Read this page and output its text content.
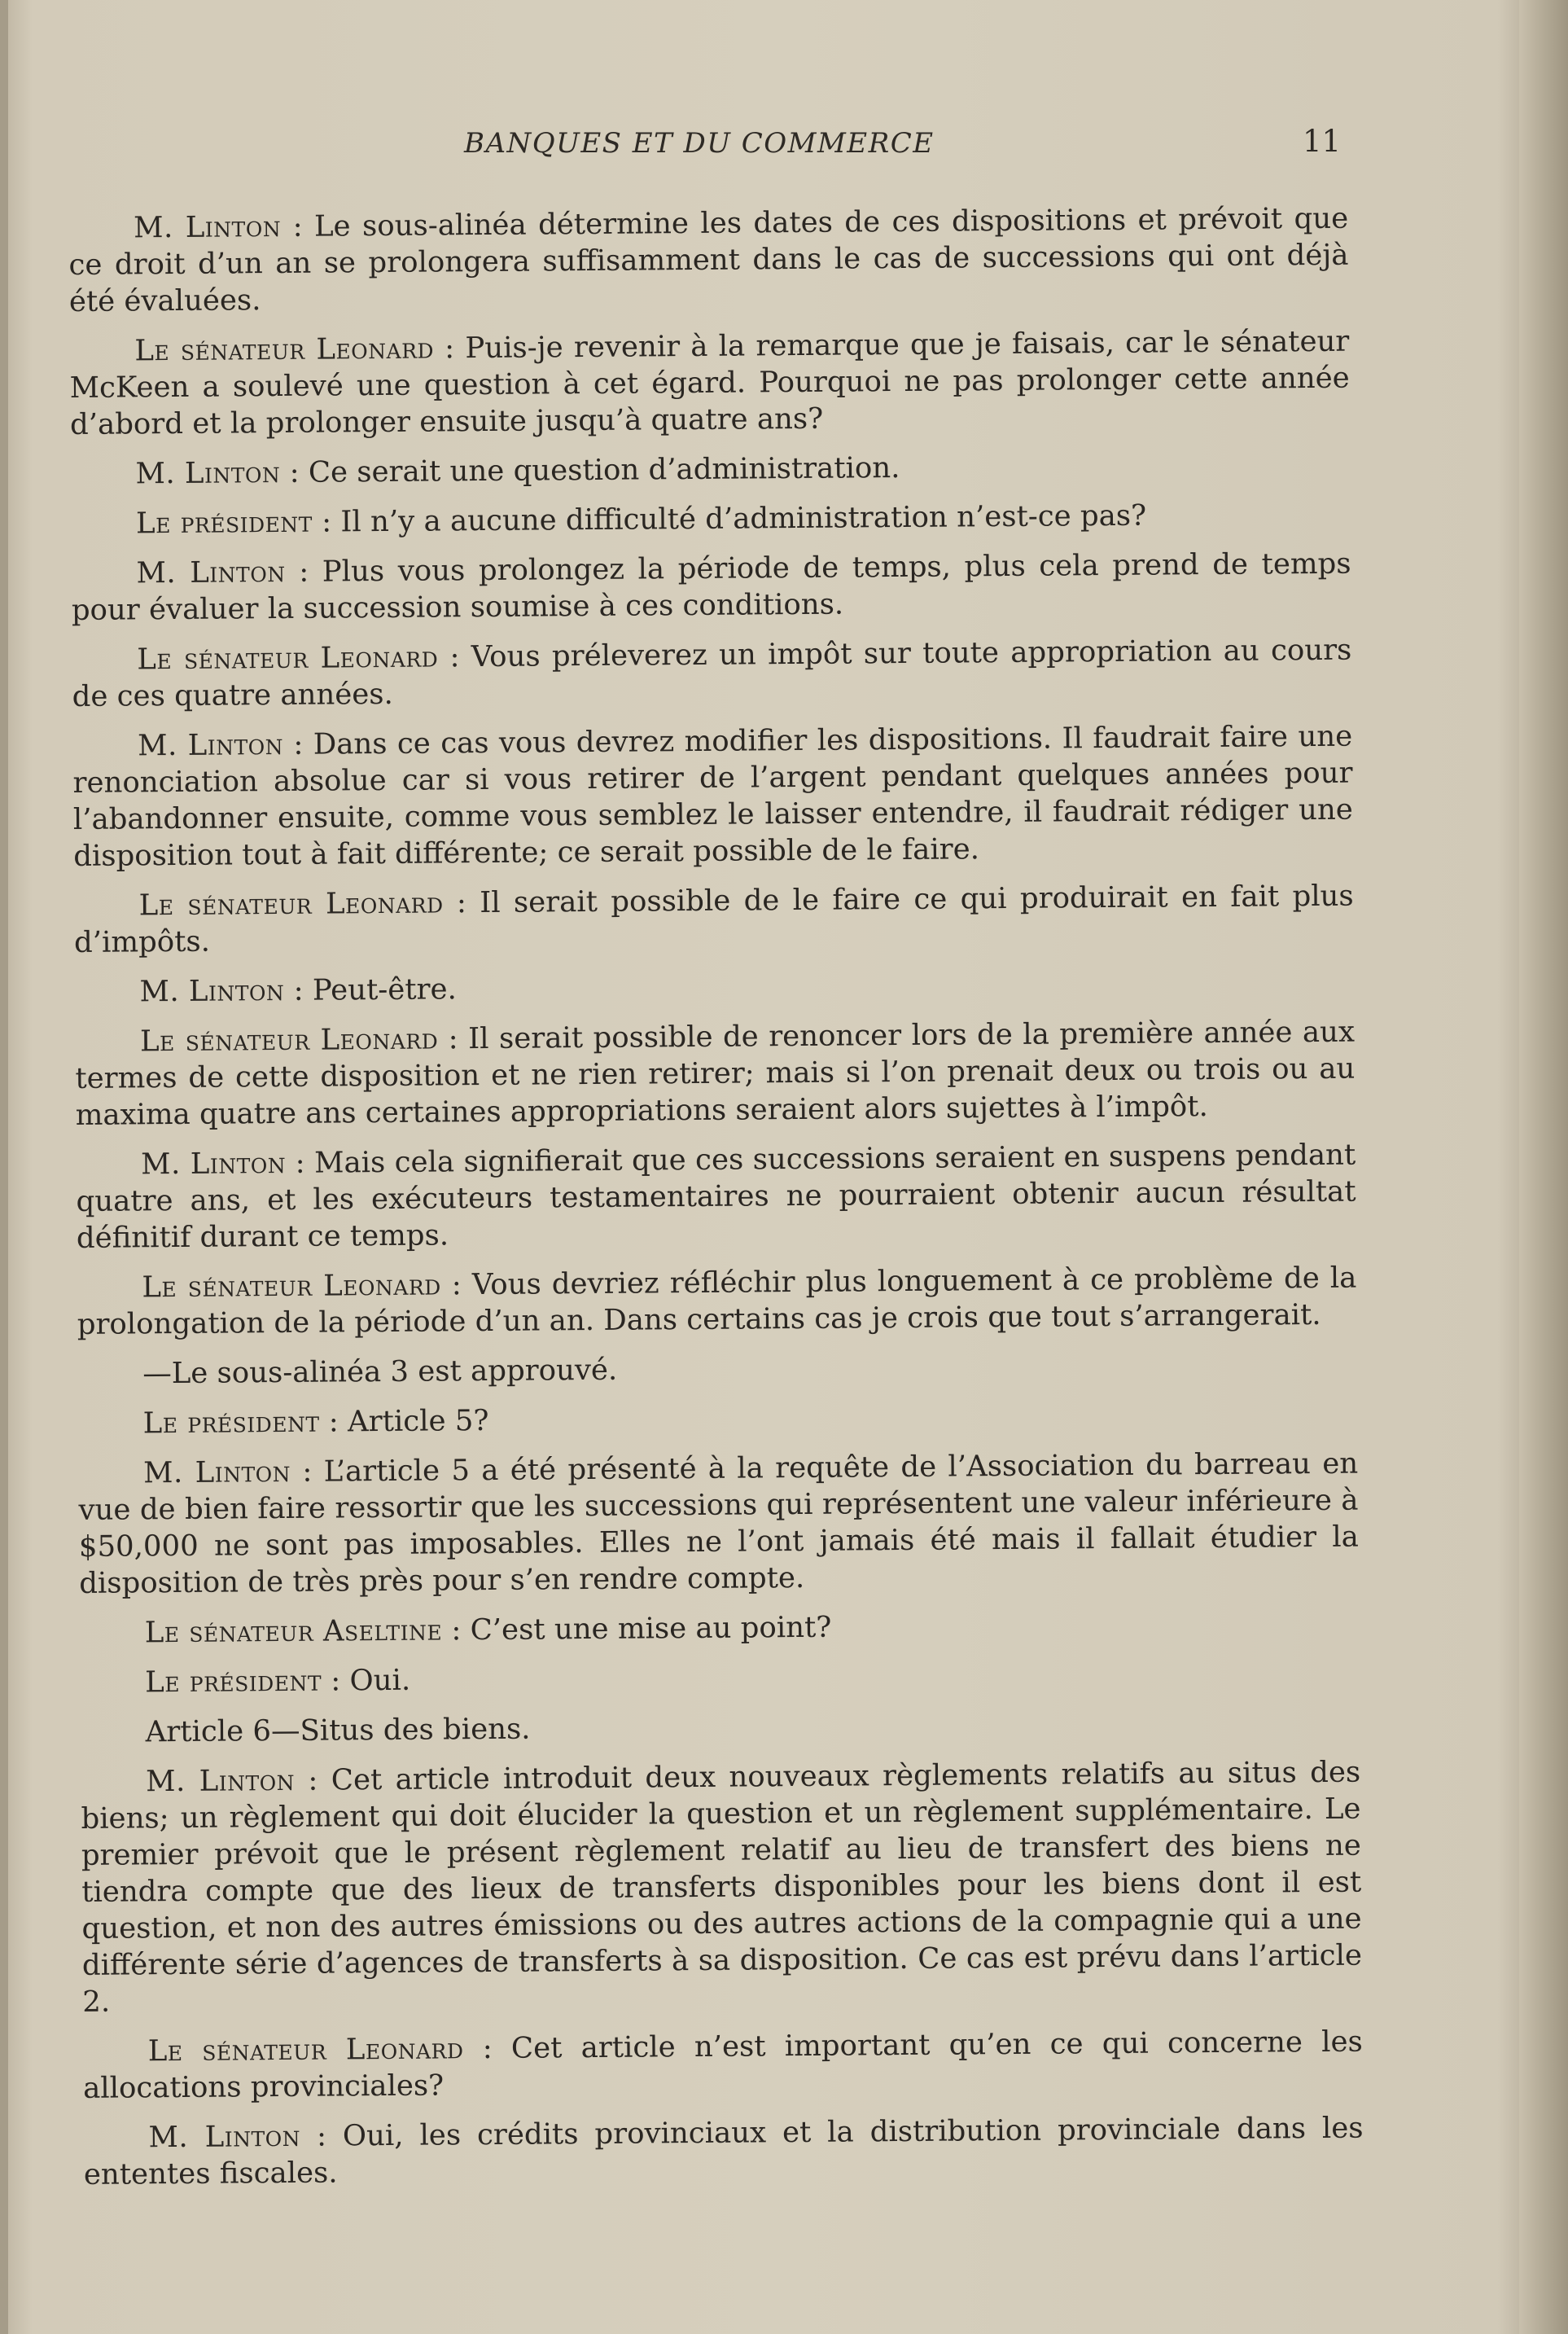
BANQUES ET DU COMMERCE	11

M. Linton : Le sous-alinéa détermine les dates de ces dispositions et prévoit que ce droit d’un an se prolongera suffisamment dans le cas de successions qui ont déjà été évaluées.

Le sénateur Leonard : Puis-je revenir à la remarque que je faisais, car le sénateur McKeen a soulevé une question à cet égard. Pourquoi ne pas prolonger cette année d’abord et la prolonger ensuite jusqu’à quatre ans?

M. Linton : Ce serait une question d’administration.

Le président : Il n’y a aucune difficulté d’administration n’est-ce pas?

M. Linton : Plus vous prolongez la période de temps, plus cela prend de temps pour évaluer la succession soumise à ces conditions.

Le sénateur Leonard : Vous préleverez un impôt sur toute appropriation au cours de ces quatre années.

M. Linton : Dans ce cas vous devrez modifier les dispositions. Il faudrait faire une renonciation absolue car si vous retirer de l’argent pendant quelques années pour l’abandonner ensuite, comme vous semblez le laisser entendre, il faudrait rédiger une disposition tout à fait différente; ce serait possible de le faire.

Le sénateur Leonard : Il serait possible de le faire ce qui produirait en fait plus d’impôts.

M. Linton : Peut-être.

Le sénateur Leonard : Il serait possible de renoncer lors de la première année aux termes de cette disposition et ne rien retirer; mais si l’on prenait deux ou trois ou au maxima quatre ans certaines appropriations seraient alors sujettes à l’impôt.

M. Linton : Mais cela signifierait que ces successions seraient en suspens pendant quatre ans, et les exécuteurs testamentaires ne pourraient obtenir aucun résultat définitif durant ce temps.

Le sénateur Leonard : Vous devriez réfléchir plus longuement à ce problème de la prolongation de la période d’un an. Dans certains cas je crois que tout s’arrangerait.

—Le sous-alinéa 3 est approuvé.

Le président : Article 5?

M. Linton : L’article 5 a été présenté à la requête de l’Association du barreau en vue de bien faire ressortir que les successions qui représentent une valeur inférieure à $50,000 ne sont pas imposables. Elles ne l’ont jamais été mais il fallait étudier la disposition de très près pour s’en rendre compte.

Le sénateur Aseltine : C’est une mise au point?

Le président : Oui.

Article 6—Situs des biens.

M. Linton : Cet article introduit deux nouveaux règlements relatifs au situs des biens; un règlement qui doit élucider la question et un règlement supplémentaire. Le premier prévoit que le présent règlement relatif au lieu de transfert des biens ne tiendra compte que des lieux de transferts disponibles pour les biens dont il est question, et non des autres émissions ou des autres actions de la compagnie qui a une différente série d’agences de transferts à sa disposition. Ce cas est prévu dans l’article 2.

Le sénateur Leonard : Cet article n’est important qu’en ce qui concerne les allocations provinciales?

M. Linton : Oui, les crédits provinciaux et la distribution provinciale dans les ententes fiscales.
